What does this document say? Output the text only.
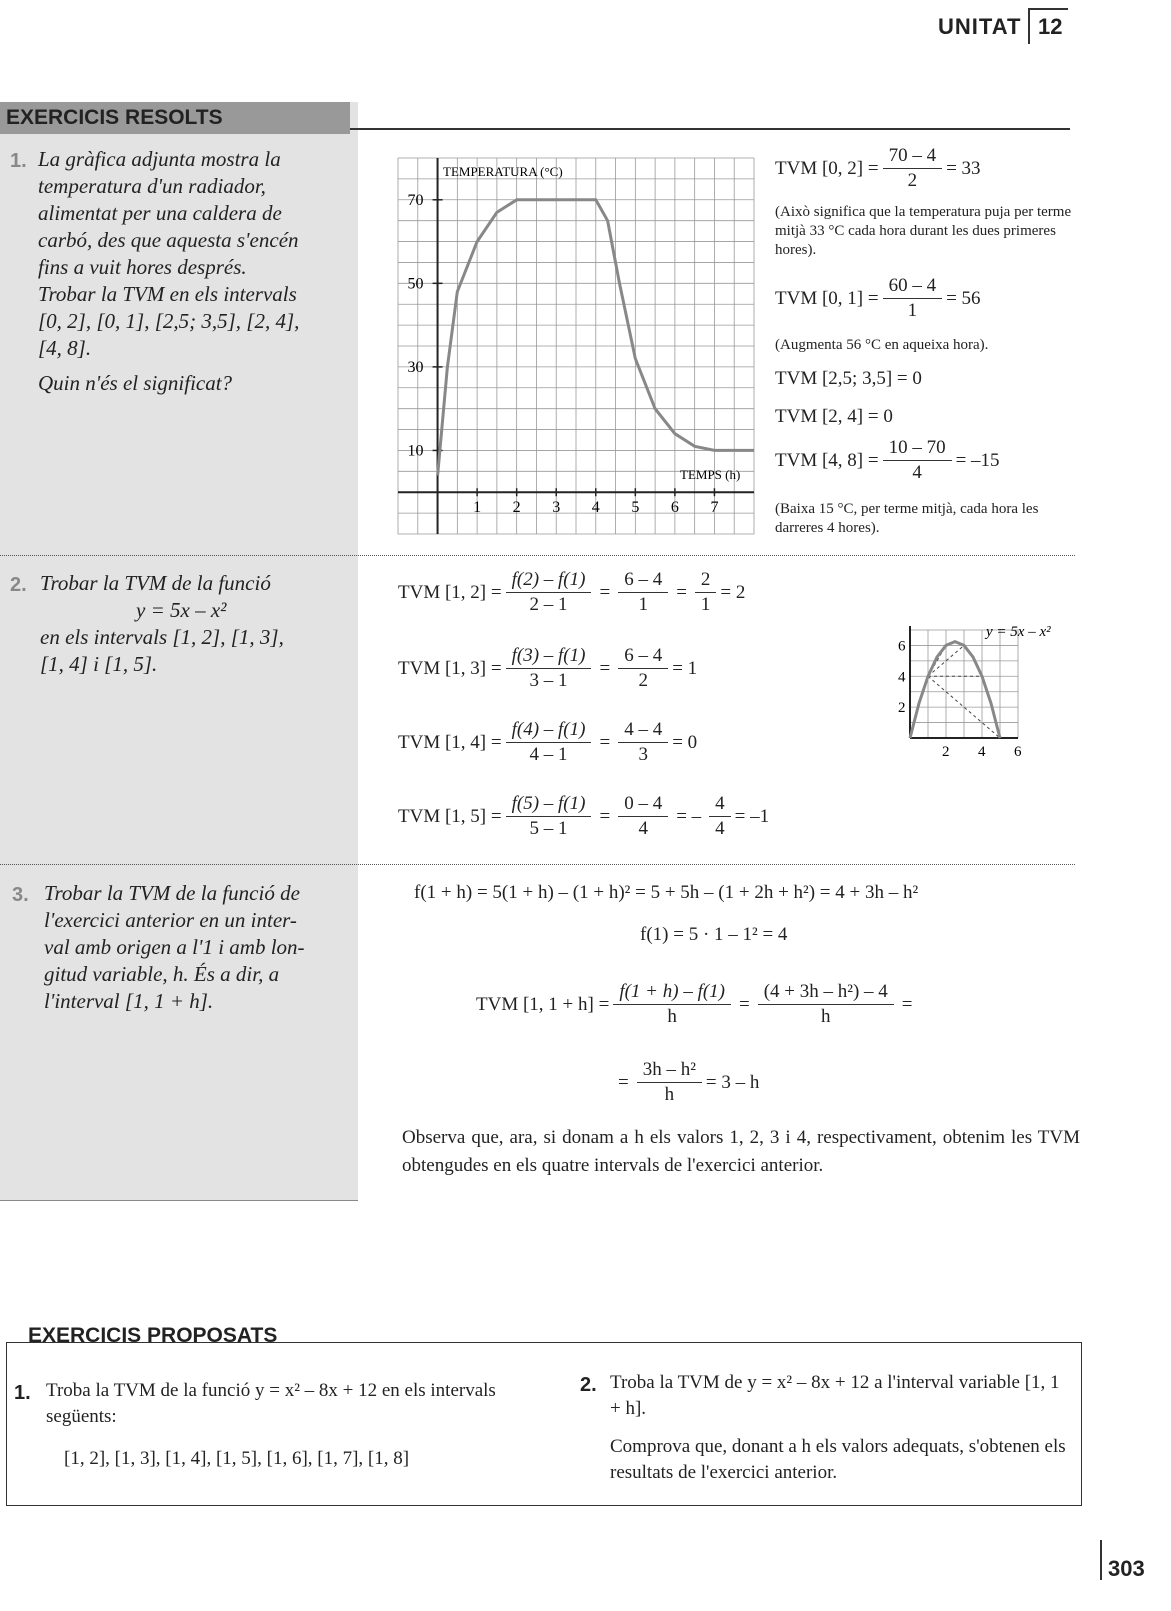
UNITAT 12
EXERCICIS RESOLTS
1. La gràfica adjunta mostra la
temperatura d'un radiador,
alimentat per una caldera de
carbó, des que aquesta s'encén
fins a vuit hores després.
Trobar la TVM en els intervals
[0, 2], [0, 1], [2,5; 3,5], [2, 4],
[4, 8].
Quin n'és el significat?
TEMPERATURA (°C)
TEMPS (h)
1 2 3 4 5 6 7
10
30
50
70
TVM [0, $2] = \frac{70 - 4}{2} = 33$
(Això significa que la temperatura puja per terme mitjà 33 °C cada hora durant les dues primeres hores).
TVM [0, $1] = \frac{60 - 4}{1} = 56$
(Augmenta 56 °C en aqueixa hora).
TVM [2,5; 3,5] = 0
TVM [2, 4] = 0
TVM [4, $8] = \frac{10 - 70}{4} = -15$
(Baixa 15 °C, per terme mitjà, cada hora les darreres 4 hores).
2. Trobar la TVM de la funció
y = 5x – x²
en els intervals [1, 2], [1, 3],
[1, 4] i [1, 5].
TVM [1, $2] = \frac{f(2) - f(1)}{2 - 1} = \frac{6 - 4}{1} = \frac{2}{1} = 2$
TVM [1, $3] = \frac{f(3) - f(1)}{3 - 1} = \frac{6 - 4}{2} = 1$
TVM [1, $4] = \frac{f(4) - f(1)}{4 - 1} = \frac{4 - 4}{3} = 0$
TVM [1, $5] = \frac{f(5) - f(1)}{5 - 1} = \frac{0 - 4}{4}$ = – $\frac{4}{4} = -1$
y = 5x – x²
2 4 6
2
4
6
3. Trobar la TVM de la funció de
l'exercici anterior en un inter-
val amb origen a l'1 i amb lon-
gitud variable, h. És a dir, a
l'interval [1, 1 + h].
f(1 + h) = 5(1 + h) – (1 + h)² = 5 + 5h – (1 + 2h + h²) = 4 + 3h – h²
f(1) = 5 · 1 – 1² = 4
TVM [1, $1 + h] = \frac{f(1 + h) - f(1)}{h} = \frac{\text{(4 + 3h – h²) – 4}}{h}$ =
= $\frac{\text{3h – h²}}{h} = 3 - h$
Observa que, ara, si donam a h els valors 1, 2, 3 i 4, respectivament, obtenim les TVM obtengudes en els quatre intervals de l'exercici anterior.
EXERCICIS PROPOSATS
1. Troba la TVM de la funció y = x² – 8x + 12 en els intervals següents:
[1, 2], [1, 3], [1, 4], [1, 5], [1, 6], [1, 7], [1, 8]
2. Troba la TVM de y = x² – 8x + 12 a l'interval variable [1, 1 + h].
Comprova que, donant a h els valors adequats, s'obtenen els resultats de l'exercici anterior.
303
